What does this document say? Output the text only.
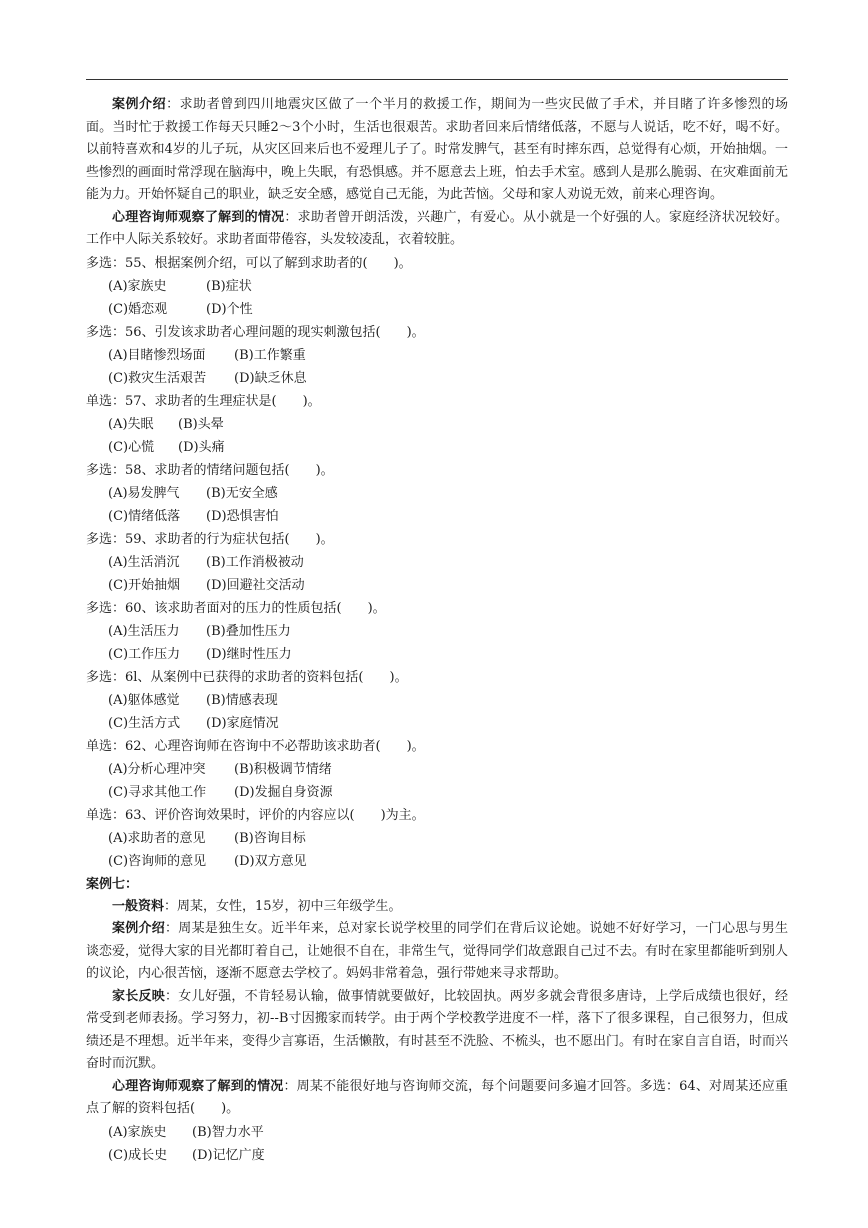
案例介绍：求助者曾到四川地震灾区做了一个半月的救援工作，期间为一些灾民做了手术，并目睹了许多惨烈的场面。当时忙于救援工作每天只睡2～3个小时，生活也很艰苦。求助者回来后情绪低落，不愿与人说话，吃不好，喝不好。以前特喜欢和4岁的儿子玩，从灾区回来后也不爱理儿子了。时常发脾气，甚至有时摔东西，总觉得有心烦，开始抽烟。一些惨烈的画面时常浮现在脑海中，晚上失眠，有恐惧感。并不愿意去上班，怕去手术室。感到人是那么脆弱、在灾难面前无能为力。开始怀疑自己的职业，缺乏安全感，感觉自己无能，为此苦恼。父母和家人劝说无效，前来心理咨询。

心理咨询师观察了解到的情况：求助者曾开朗活泼，兴趣广，有爱心。从小就是一个好强的人。家庭经济状况较好。工作中人际关系较好。求助者面带倦容，头发较凌乱，衣着较脏。

多选：55、根据案例介绍，可以了解到求助者的(　　)。

(A)家族史	(B)症状

(C)婚恋观	(D)个性

多选：56、引发该求助者心理问题的现实刺激包括(　　)。

(A)目睹惨烈场面 (B)工作繁重

(C)救灾生活艰苦 (D)缺乏休息

单选：57、求助者的生理症状是(　　)。

(A)失眠 (B)头晕

(C)心慌 (D)头痛

多选：58、求助者的情绪问题包括(　　)。

(A)易发脾气 (B)无安全感

(C)情绪低落 (D)恐惧害怕

多选：59、求助者的行为症状包括(　　)。

(A)生活消沉 (B)工作消极被动

(C)开始抽烟 (D)回避社交活动

多选：60、该求助者面对的压力的性质包括(　　)。

(A)生活压力 (B)叠加性压力

(C)工作压力 (D)继时性压力

多选：6l、从案例中已获得的求助者的资料包括(　　)。

(A)躯体感觉 (B)情感表现

(C)生活方式 (D)家庭情况

单选：62、心理咨询师在咨询中不必帮助该求助者(　　)。

(A)分析心理冲突 (B)积极调节情绪

(C)寻求其他工作 (D)发掘自身资源

单选：63、评价咨询效果时，评价的内容应以(　　)为主。

(A)求助者的意见 (B)咨询目标

(C)咨询师的意见 (D)双方意见

案例七：

一般资料：周某，女性，15岁，初中三年级学生。

案例介绍：周某是独生女。近半年来，总对家长说学校里的同学们在背后议论她。说她不好好学习，一门心思与男生谈恋爱，觉得大家的目光都盯着自己，让她很不自在，非常生气，觉得同学们故意跟自己过不去。有时在家里都能听到别人的议论，内心很苦恼，逐渐不愿意去学校了。妈妈非常着急，强行带她来寻求帮助。

家长反映：女儿好强，不肯轻易认输，做事情就要做好，比较固执。两岁多就会背很多唐诗，上学后成绩也很好，经常受到老师表扬。学习努力，初--B寸因搬家而转学。由于两个学校教学进度不一样，落下了很多课程，自己很努力，但成绩还是不理想。近半年来，变得少言寡语，生活懒散，有时甚至不洗脸、不梳头，也不愿出门。有时在家自言自语，时而兴奋时而沉默。

心理咨询师观察了解到的情况：周某不能很好地与咨询师交流，每个问题要问多遍才回答。多选：64、对周某还应重点了解的资料包括(　　)。

(A)家族史 (B)智力水平

(C)成长史 (D)记忆广度
